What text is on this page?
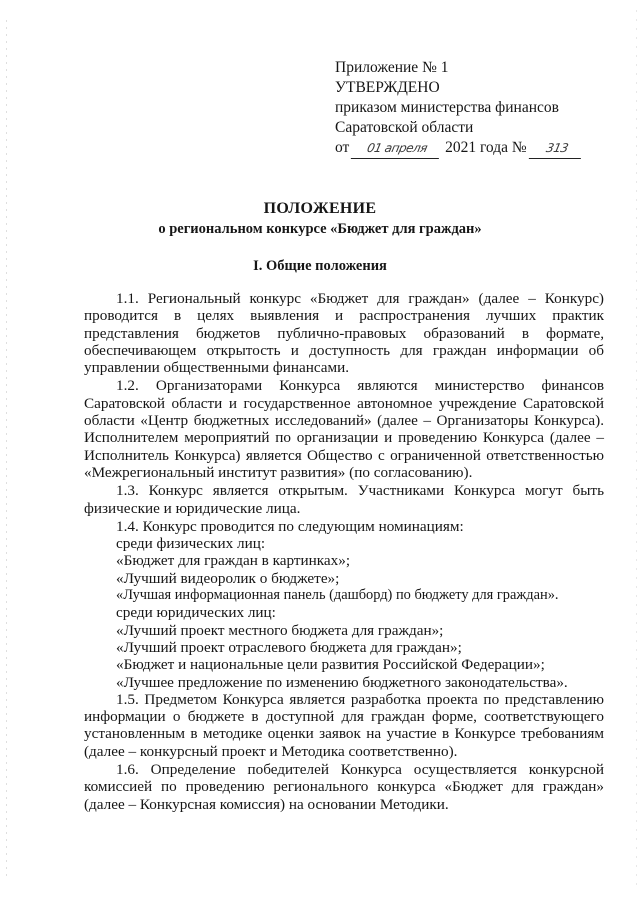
Приложение № 1
УТВЕРЖДЕНО
приказом министерства финансов
Саратовской области
от 01 апреля 2021 года № 313
ПОЛОЖЕНИЕ
о региональном конкурсе «Бюджет для граждан»
I. Общие положения

1.1. Региональный конкурс «Бюджет для граждан» (далее – Конкурс) проводится в целях выявления и распространения лучших практик представления бюджетов публично-правовых образований в формате, обеспечивающем открытость и доступность для граждан информации об управлении общественными финансами.

1.2. Организаторами Конкурса являются министерство финансов Саратовской области и государственное автономное учреждение Саратовской области «Центр бюджетных исследований» (далее – Организаторы Конкурса). Исполнителем мероприятий по организации и проведению Конкурса (далее – Исполнитель Конкурса) является Общество с ограниченной ответственностью «Межрегиональный институт развития» (по согласованию).

1.3. Конкурс является открытым. Участниками Конкурса могут быть физические и юридические лица.

1.4. Конкурс проводится по следующим номинациям:

среди физических лиц:
«Бюджет для граждан в картинках»;
«Лучший видеоролик о бюджете»;
«Лучшая информационная панель (дашборд) по бюджету для граждан».
среди юридических лиц:
«Лучший проект местного бюджета для граждан»;
«Лучший проект отраслевого бюджета для граждан»;
«Бюджет и национальные цели развития Российской Федерации»;
«Лучшее предложение по изменению бюджетного законодательства».

1.5. Предметом Конкурса является разработка проекта по представлению информации о бюджете в доступной для граждан форме, соответствующего установленным в методике оценки заявок на участие в Конкурсе требованиям (далее – конкурсный проект и Методика соответственно).

1.6. Определение победителей Конкурса осуществляется конкурсной комиссией по проведению регионального конкурса «Бюджет для граждан» (далее – Конкурсная комиссия) на основании Методики.
